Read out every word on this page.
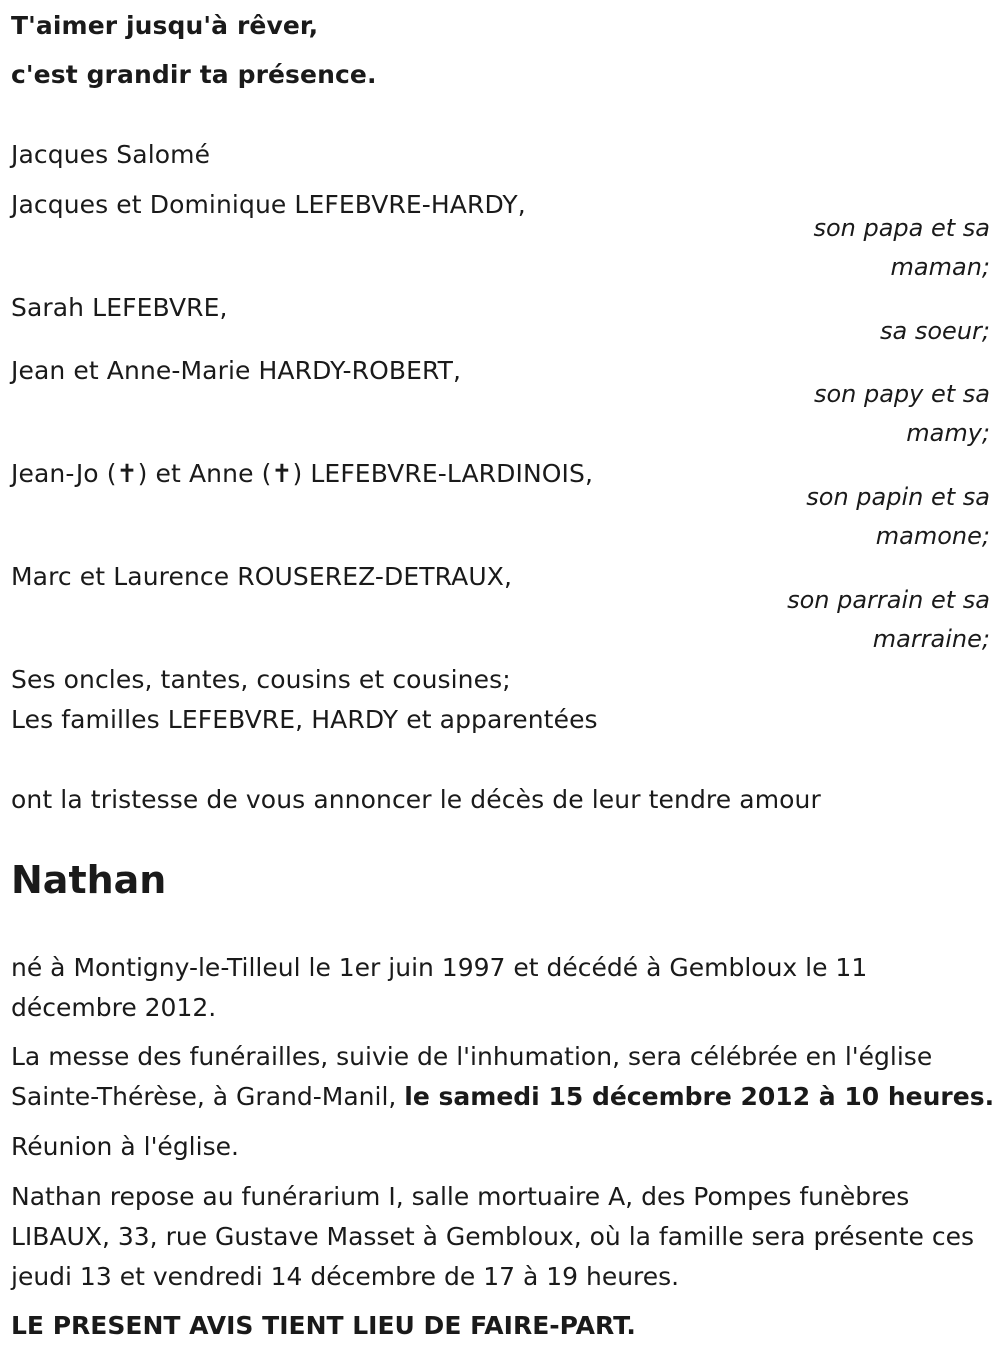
T'aimer jusqu'à rêver,
c'est grandir ta présence.
Jacques Salomé
Jacques et Dominique LEFEBVRE-HARDY,
son papa et sa
maman;
Sarah LEFEBVRE,
sa soeur;
Jean et Anne-Marie HARDY-ROBERT,
son papy et sa
mamy;
Jean-Jo (✝) et Anne (✝) LEFEBVRE-LARDINOIS,
son papin et sa
mamone;
Marc et Laurence ROUSEREZ-DETRAUX,
son parrain et sa
marraine;
Ses oncles, tantes, cousins et cousines;
Les familles LEFEBVRE, HARDY et apparentées
ont la tristesse de vous annoncer le décès de leur tendre amour
Nathan
né à Montigny-le-Tilleul le 1er juin 1997 et décédé à Gembloux le 11 décembre 2012.
La messe des funérailles, suivie de l'inhumation, sera célébrée en l'église Sainte-Thérèse, à Grand-Manil, le samedi 15 décembre 2012 à 10 heures.
Réunion à l'église.
Nathan repose au funérarium I, salle mortuaire A, des Pompes funèbres LIBAUX, 33, rue Gustave Masset à Gembloux, où la famille sera présente ces jeudi 13 et vendredi 14 décembre de 17 à 19 heures.
LE PRESENT AVIS TIENT LIEU DE FAIRE-PART.
